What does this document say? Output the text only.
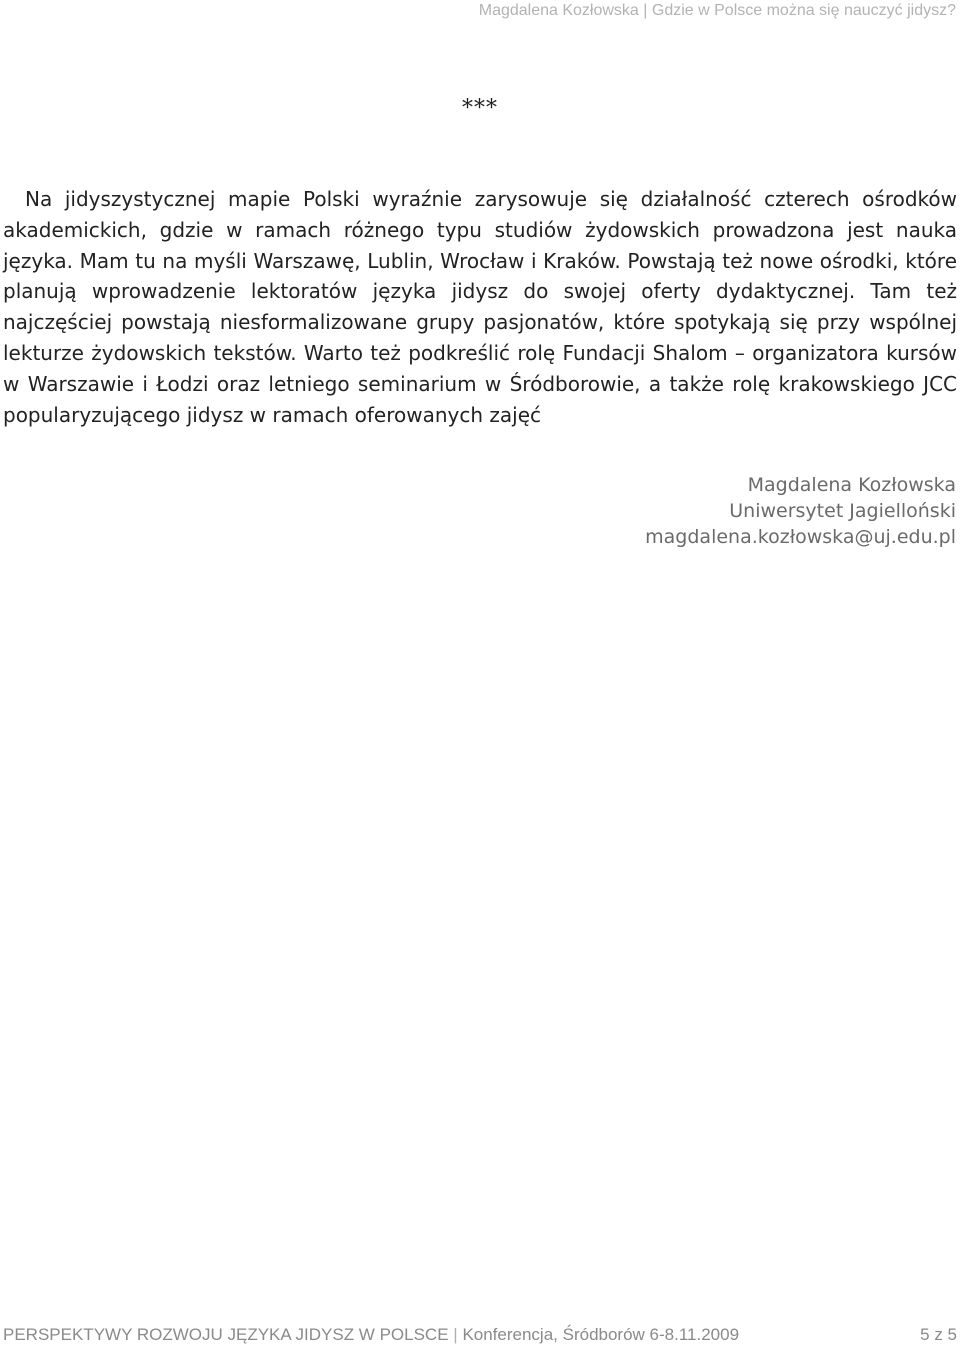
Magdalena Kozłowska | Gdzie w Polsce można się nauczyć jidysz?
***

Na jidyszystycznej mapie Polski wyraźnie zarysowuje się działalność czterech ośrodków akademickich, gdzie w ramach różnego typu studiów żydowskich prowadzona jest nauka języka. Mam tu na myśli Warszawę, Lublin, Wrocław i Kraków. Powstają też nowe ośrodki, które planują wprowadzenie lektoratów języka jidysz do swojej oferty dydaktycznej. Tam też najczęściej powstają niesformalizowane grupy pasjonatów, które spotykają się przy wspólnej lekturze żydowskich tekstów. Warto też podkreślić rolę Fundacji Shalom – organizatora kursów w Warszawie i Łodzi oraz letniego seminarium w Śródborowie, a także rolę krakowskiego JCC popularyzującego jidysz w ramach oferowanych zajęć

Magdalena Kozłowska
Uniwersytet Jagielloński
magdalena.kozłowska@uj.edu.pl
PERSPEKTYWY ROZWOJU JĘZYKA JIDYSZ W POLSCE | Konferencja, Śródborów 6-8.11.2009	5 z 5
